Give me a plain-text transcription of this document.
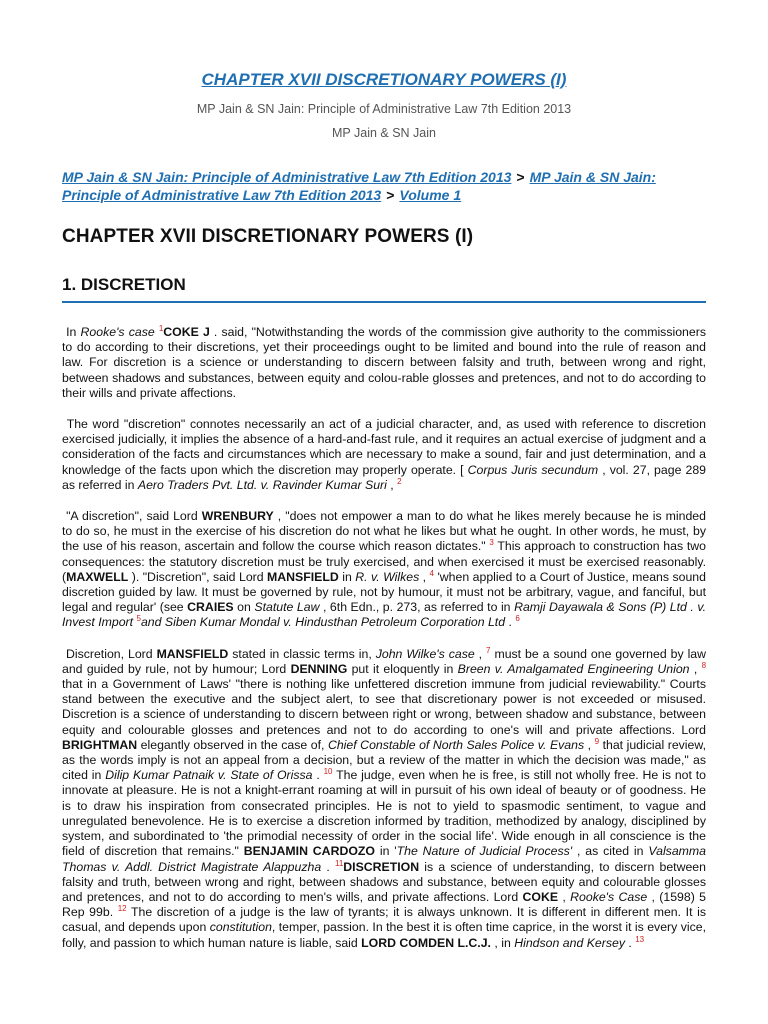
CHAPTER XVII DISCRETIONARY POWERS (I)
MP Jain & SN Jain: Principle of Administrative Law 7th Edition 2013
MP Jain & SN Jain
MP Jain & SN Jain: Principle of Administrative Law 7th Edition 2013 > MP Jain & SN Jain:
Principle of Administrative Law 7th Edition 2013 > Volume 1
CHAPTER XVII DISCRETIONARY POWERS (I)
1. DISCRETION

In Rooke's case $^1$COKE J . said, "Notwithstanding the words of the commission give authority to the commissioners to do according to their discretions, yet their proceedings ought to be limited and bound into the rule of reason and law. For discretion is a science or understanding to discern between falsity and truth, between wrong and right, between shadows and substances, between equity and colou-rable glosses and pretences, and not to do according to their wills and private affections.

The word "discretion" connotes necessarily an act of a judicial character, and, as used with reference to discretion exercised judicially, it implies the absence of a hard-and-fast rule, and it requires an actual exercise of judgment and a consideration of the facts and circumstances which are necessary to make a sound, fair and just determination, and a knowledge of the facts upon which the discretion may properly operate. [ Corpus Juris secundum , vol. 27, page 289 as referred in Aero Traders Pvt. Ltd. v. Ravinder Kumar Suri , $^2$

"A discretion", said Lord WRENBURY , "does not empower a man to do what he likes merely because he is minded to do so, he must in the exercise of his discretion do not what he likes but what he ought. In other words, he must, by the use of his reason, ascertain and follow the course which reason dictates." $^3$ This approach to construction has two consequences: the statutory discretion must be truly exercised, and when exercised it must be exercised reasonably. (MAXWELL ). "Discretion", said Lord MANSFIELD in R. v. Wilkes , $^4$ 'when applied to a Court of Justice, means sound discretion guided by law. It must be governed by rule, not by humour, it must not be arbitrary, vague, and fanciful, but legal and regular' (see CRAIES on Statute Law , 6th Edn., p. 273, as referred to in Ramji Dayawala & Sons (P) Ltd . v. Invest Import $^5$and Siben Kumar Mondal v. Hindusthan Petroleum Corporation Ltd . $^6$

Discretion, Lord MANSFIELD stated in classic terms in, John Wilke's case , $^7$ must be a sound one governed by law and guided by rule, not by humour; Lord DENNING put it eloquently in Breen v. Amalgamated Engineering Union , $^8$ that in a Government of Laws' "there is nothing like unfettered discretion immune from judicial reviewability." Courts stand between the executive and the subject alert, to see that discretionary power is not exceeded or misused. Discretion is a science of understanding to discern between right or wrong, between shadow and substance, between equity and colourable glosses and pretences and not to do according to one's will and private affections. Lord BRIGHTMAN elegantly observed in the case of, Chief Constable of North Sales Police v. Evans , $^9$ that judicial review, as the words imply is not an appeal from a decision, but a review of the matter in which the decision was made," as cited in Dilip Kumar Patnaik v. State of Orissa . $^{10}$ The judge, even when he is free, is still not wholly free. He is not to innovate at pleasure. He is not a knight-errant roaming at will in pursuit of his own ideal of beauty or of goodness. He is to draw his inspiration from consecrated principles. He is not to yield to spasmodic sentiment, to vague and unregulated benevolence. He is to exercise a discretion informed by tradition, methodized by analogy, disciplined by system, and subordinated to 'the primodial necessity of order in the social life'. Wide enough in all conscience is the field of discretion that remains." BENJAMIN CARDOZO in 'The Nature of Judicial Process' , as cited in Valsamma Thomas v. Addl. District Magistrate Alappuzha . $^{11}$DISCRETION is a science of understanding, to discern between falsity and truth, between wrong and right, between shadows and substance, between equity and colourable glosses and pretences, and not to do according to men's wills, and private affections. Lord COKE , Rooke's Case , (1598) 5 Rep 99b. $^{12}$ The discretion of a judge is the law of tyrants; it is always unknown. It is different in different men. It is casual, and depends upon constitution, temper, passion. In the best it is often time caprice, in the worst it is every vice, folly, and passion to which human nature is liable, said LORD COMDEN L.C.J. , in Hindson and Kersey . $^{13}$
